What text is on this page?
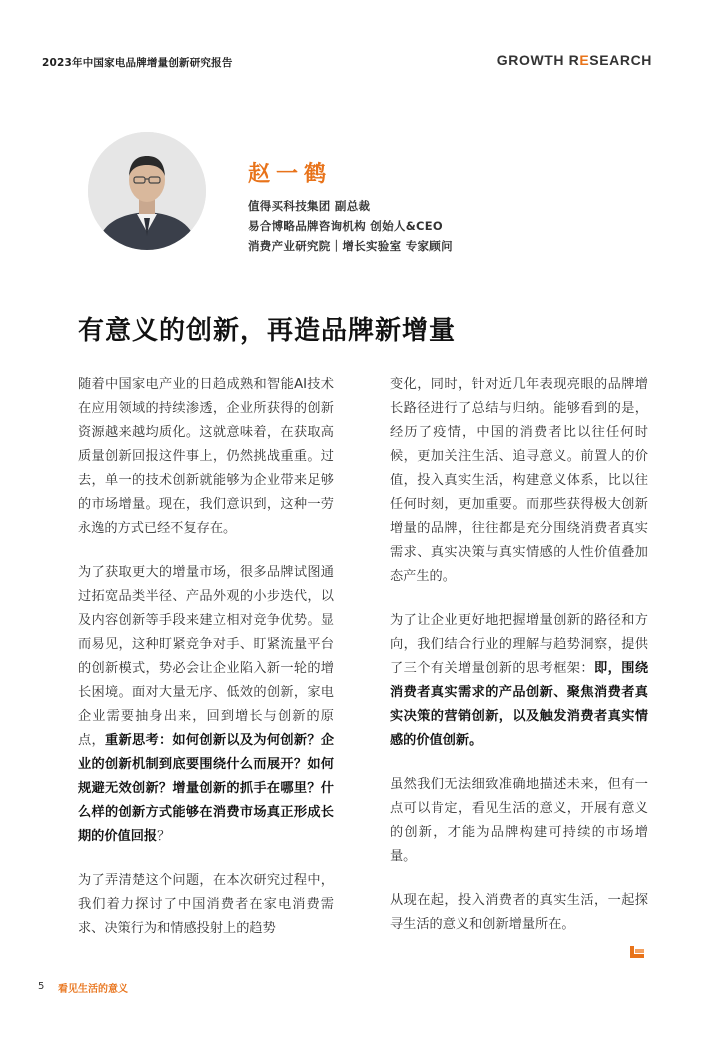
2023年中国家电品牌增量创新研究报告	GROWTH RESEARCH
赵一鹤
值得买科技集团 副总裁
易合博略品牌咨询机构 创始人&CEO
消费产业研究院｜增长实验室 专家顾问
有意义的创新，再造品牌新增量

随着中国家电产业的日趋成熟和智能AI技术在应用领域的持续渗透，企业所获得的创新资源越来越均质化。这就意味着，在获取高质量创新回报这件事上，仍然挑战重重。过去，单一的技术创新就能够为企业带来足够的市场增量。现在，我们意识到，这种一劳永逸的方式已经不复存在。

为了获取更大的增量市场，很多品牌试图通过拓宽品类半径、产品外观的小步迭代，以及内容创新等手段来建立相对竞争优势。显而易见，这种盯紧竞争对手、盯紧流量平台的创新模式，势必会让企业陷入新一轮的增长困境。面对大量无序、低效的创新，家电企业需要抽身出来，回到增长与创新的原点，重新思考：如何创新以及为何创新？企业的创新机制到底要围绕什么而展开？如何规避无效创新？增量创新的抓手在哪里？什么样的创新方式能够在消费市场真正形成长期的价值回报？

为了弄清楚这个问题，在本次研究过程中，我们着力探讨了中国消费者在家电消费需求、决策行为和情感投射上的趋势

变化，同时，针对近几年表现亮眼的品牌增长路径进行了总结与归纳。能够看到的是，经历了疫情，中国的消费者比以往任何时候，更加关注生活、追寻意义。前置人的价值，投入真实生活，构建意义体系，比以往任何时刻，更加重要。而那些获得极大创新增量的品牌，往往都是充分围绕消费者真实需求、真实决策与真实情感的人性价值叠加态产生的。

为了让企业更好地把握增量创新的路径和方向，我们结合行业的理解与趋势洞察，提供了三个有关增量创新的思考框架：即，围绕消费者真实需求的产品创新、聚焦消费者真实决策的营销创新，以及触发消费者真实情感的价值创新。

虽然我们无法细致准确地描述未来，但有一点可以肯定，看见生活的意义，开展有意义的创新，才能为品牌构建可持续的市场增量。

从现在起，投入消费者的真实生活，一起探寻生活的意义和创新增量所在。

5 看见生活的意义
